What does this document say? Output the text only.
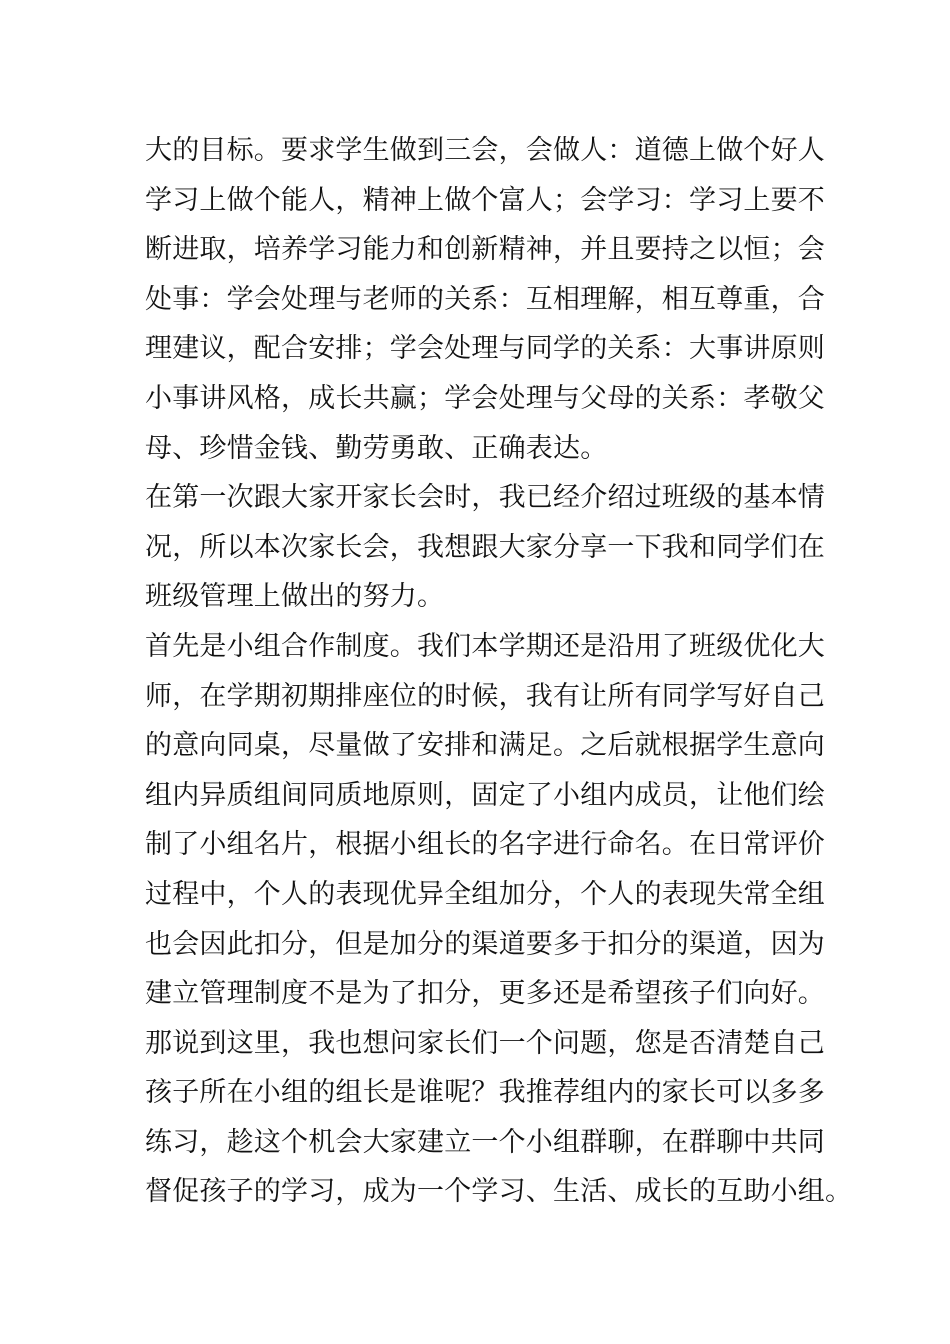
大的目标。要求学生做到三会，会做人：道德上做个好人
学习上做个能人，精神上做个富人；会学习：学习上要不
断进取，培养学习能力和创新精神，并且要持之以恒；会
处事：学会处理与老师的关系：互相理解，相互尊重，合
理建议，配合安排；学会处理与同学的关系：大事讲原则
小事讲风格，成长共赢；学会处理与父母的关系：孝敬父
母、珍惜金钱、勤劳勇敢、正确表达。
在第一次跟大家开家长会时，我已经介绍过班级的基本情
况，所以本次家长会，我想跟大家分享一下我和同学们在
班级管理上做出的努力。
首先是小组合作制度。我们本学期还是沿用了班级优化大
师，在学期初期排座位的时候，我有让所有同学写好自己
的意向同桌，尽量做了安排和满足。之后就根据学生意向
组内异质组间同质地原则，固定了小组内成员，让他们绘
制了小组名片，根据小组长的名字进行命名。在日常评价
过程中，个人的表现优异全组加分，个人的表现失常全组
也会因此扣分，但是加分的渠道要多于扣分的渠道，因为
建立管理制度不是为了扣分，更多还是希望孩子们向好。
那说到这里，我也想问家长们一个问题，您是否清楚自己
孩子所在小组的组长是谁呢？我推荐组内的家长可以多多
练习，趁这个机会大家建立一个小组群聊，在群聊中共同
督促孩子的学习，成为一个学习、生活、成长的互助小组。
